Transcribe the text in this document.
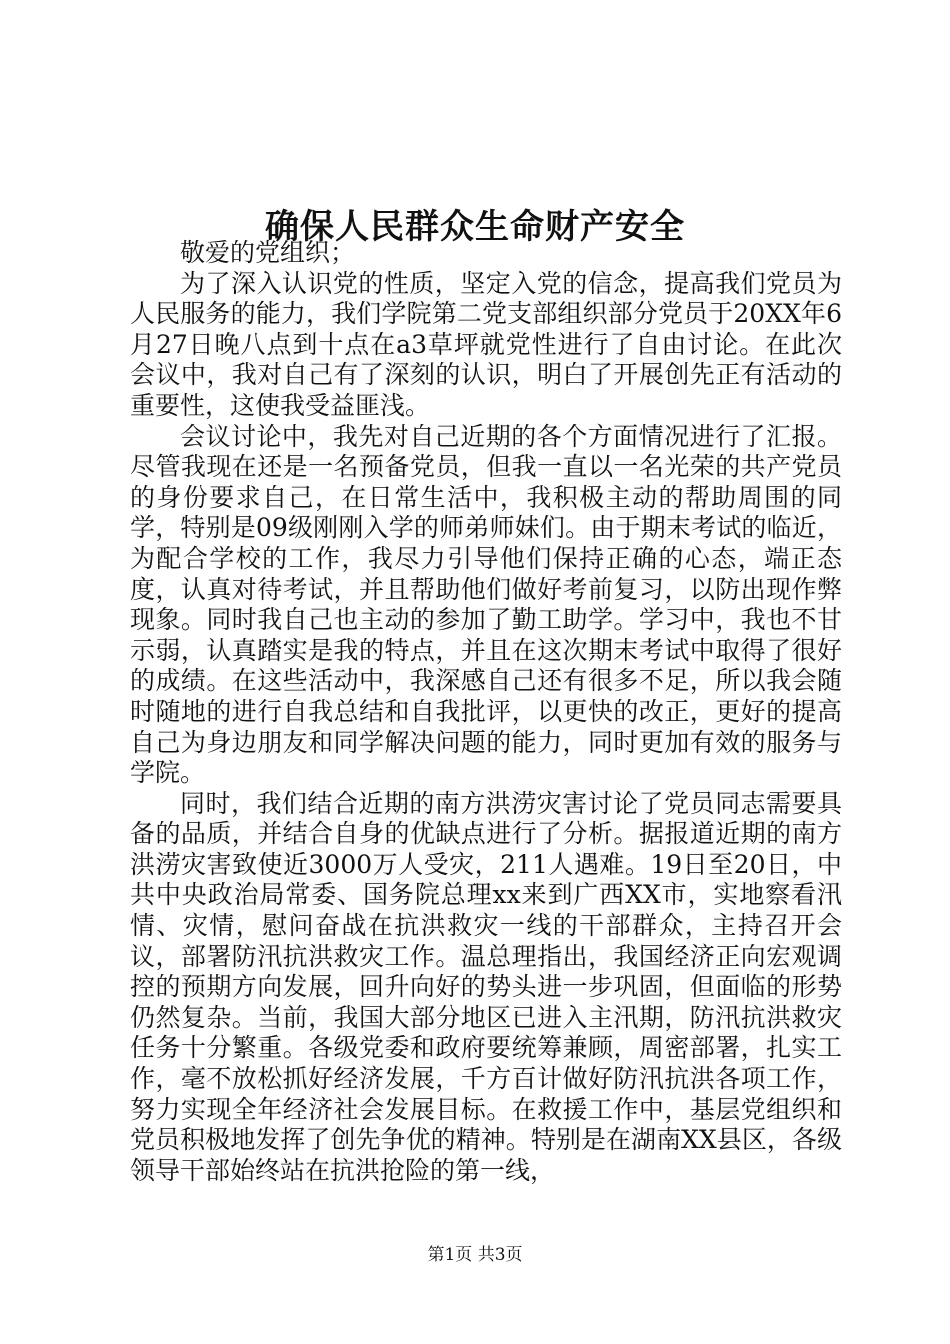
确保人民群众生命财产安全

敬爱的党组织；

为了深入认识党的性质，坚定入党的信念，提高我们党员为人民服务的能力，我们学院第二党支部组织部分党员于20XX年6月27日晚八点到十点在a3草坪就党性进行了自由讨论。在此次会议中，我对自己有了深刻的认识，明白了开展创先正有活动的重要性，这使我受益匪浅。

会议讨论中，我先对自己近期的各个方面情况进行了汇报。尽管我现在还是一名预备党员，但我一直以一名光荣的共产党员的身份要求自己，在日常生活中，我积极主动的帮助周围的同学，特别是09级刚刚入学的师弟师妹们。由于期末考试的临近，为配合学校的工作，我尽力引导他们保持正确的心态，端正态度，认真对待考试，并且帮助他们做好考前复习，以防出现作弊现象。同时我自己也主动的参加了勤工助学。学习中，我也不甘示弱，认真踏实是我的特点，并且在这次期末考试中取得了很好的成绩。在这些活动中，我深感自己还有很多不足，所以我会随时随地的进行自我总结和自我批评，以更快的改正，更好的提高自己为身边朋友和同学解决问题的能力，同时更加有效的服务与学院。

同时，我们结合近期的南方洪涝灾害讨论了党员同志需要具备的品质，并结合自身的优缺点进行了分析。据报道近期的南方洪涝灾害致使近3000万人受灾，211人遇难。19日至20日，中共中央政治局常委、国务院总理xx来到广西XX市，实地察看汛情、灾情，慰问奋战在抗洪救灾一线的干部群众，主持召开会议，部署防汛抗洪救灾工作。温总理指出，我国经济正向宏观调控的预期方向发展，回升向好的势头进一步巩固，但面临的形势仍然复杂。当前，我国大部分地区已进入主汛期，防汛抗洪救灾任务十分繁重。各级党委和政府要统筹兼顾，周密部署，扎实工作，毫不放松抓好经济发展，千方百计做好防汛抗洪各项工作，努力实现全年经济社会发展目标。在救援工作中，基层党组织和党员积极地发挥了创先争优的精神。特别是在湖南XX县区，各级领导干部始终站在抗洪抢险的第一线，

第1页 共3页
